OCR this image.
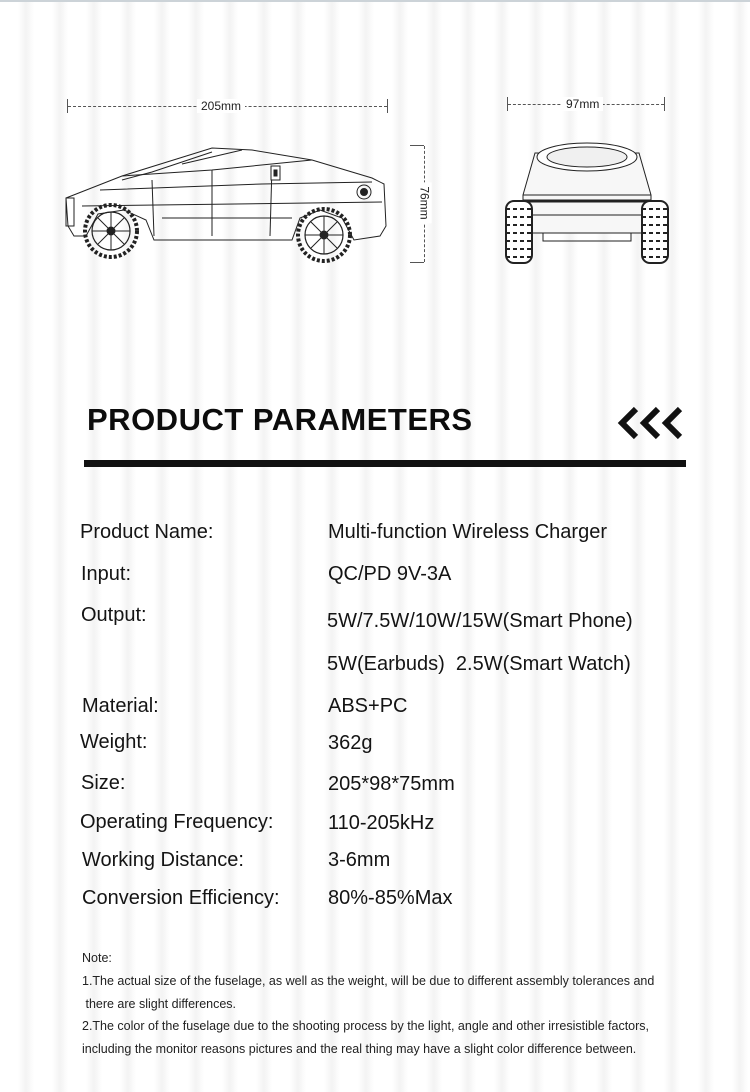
205mm	97mm
76mm
PRODUCT PARAMETERS
Product Name:	Multi-function Wireless Charger
Input:	QC/PD 9V-3A
Output:	5W/7.5W/10W/15W(Smart Phone)
5W(Earbuds)  2.5W(Smart Watch)
Material:	ABS+PC
Weight:	362g
Size:	205*98*75mm
Operating Frequency:	110-205kHz
Working Distance:	3-6mm
Conversion Efficiency: 80%-85%Max
Note:
1.The actual size of the fuselage, as well as the weight, will be due to different assembly tolerances and
there are slight differences.
2.The color of the fuselage due to the shooting process by the light, angle and other irresistible factors,
including the monitor reasons pictures and the real thing may have a slight color difference between.
